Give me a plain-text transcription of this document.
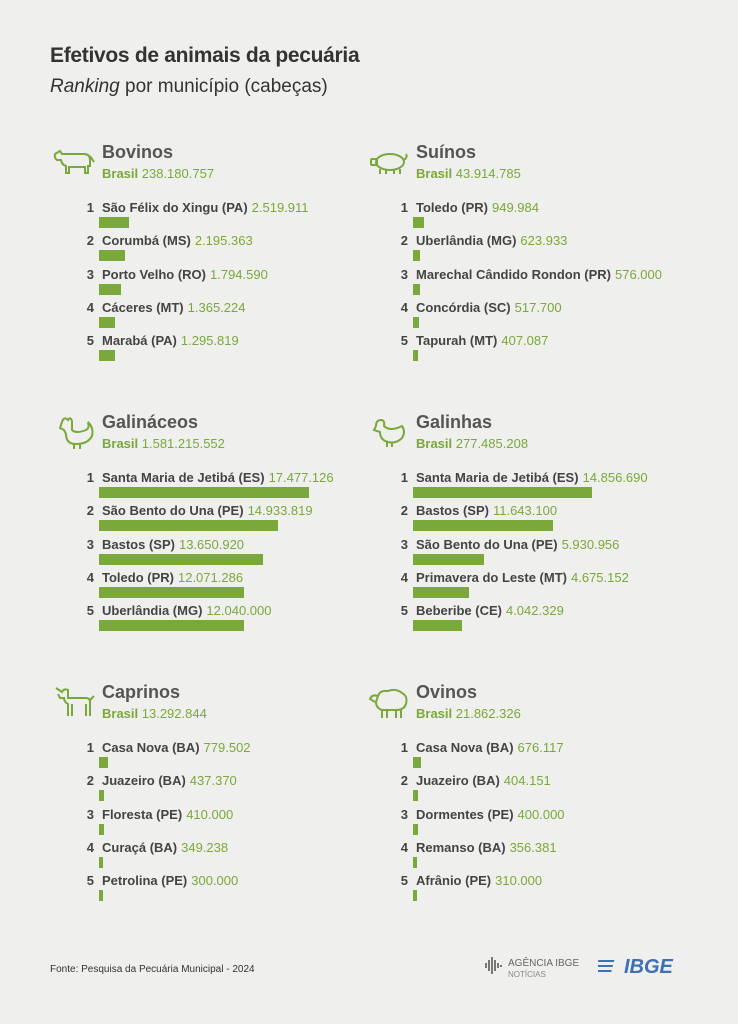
Efetivos de animais da pecuária
Ranking por município (cabeças)
Bovinos
Brasil 238.180.757
1 São Félix do Xingu (PA) 2.519.911
2 Corumbá (MS) 2.195.363
3 Porto Velho (RO) 1.794.590
4 Cáceres (MT) 1.365.224
5 Marabá (PA) 1.295.819
Suínos
Brasil 43.914.785
1 Toledo (PR) 949.984
2 Uberlândia (MG) 623.933
3 Marechal Cândido Rondon (PR) 576.000
4 Concórdia (SC) 517.700
5 Tapurah (MT) 407.087
Galináceos
Brasil 1.581.215.552
1 Santa Maria de Jetibá (ES) 17.477.126
2 São Bento do Una (PE) 14.933.819
3 Bastos (SP) 13.650.920
4 Toledo (PR) 12.071.286
5 Uberlândia (MG) 12.040.000
Galinhas
Brasil 277.485.208
1 Santa Maria de Jetibá (ES) 14.856.690
2 Bastos (SP) 11.643.100
3 São Bento do Una (PE) 5.930.956
4 Primavera do Leste (MT) 4.675.152
5 Beberibe (CE) 4.042.329
Caprinos
Brasil 13.292.844
1 Casa Nova (BA) 779.502
2 Juazeiro (BA) 437.370
3 Floresta (PE) 410.000
4 Curaçá (BA) 349.238
5 Petrolina (PE) 300.000
Ovinos
Brasil 21.862.326
1 Casa Nova (BA) 676.117
2 Juazeiro (BA) 404.151
3 Dormentes (PE) 400.000
4 Remanso (BA) 356.381
5 Afrânio (PE) 310.000
Fonte: Pesquisa da Pecuária Municipal - 2024
AGÊNCIA IBGE
NOTÍCIAS	IBGE
